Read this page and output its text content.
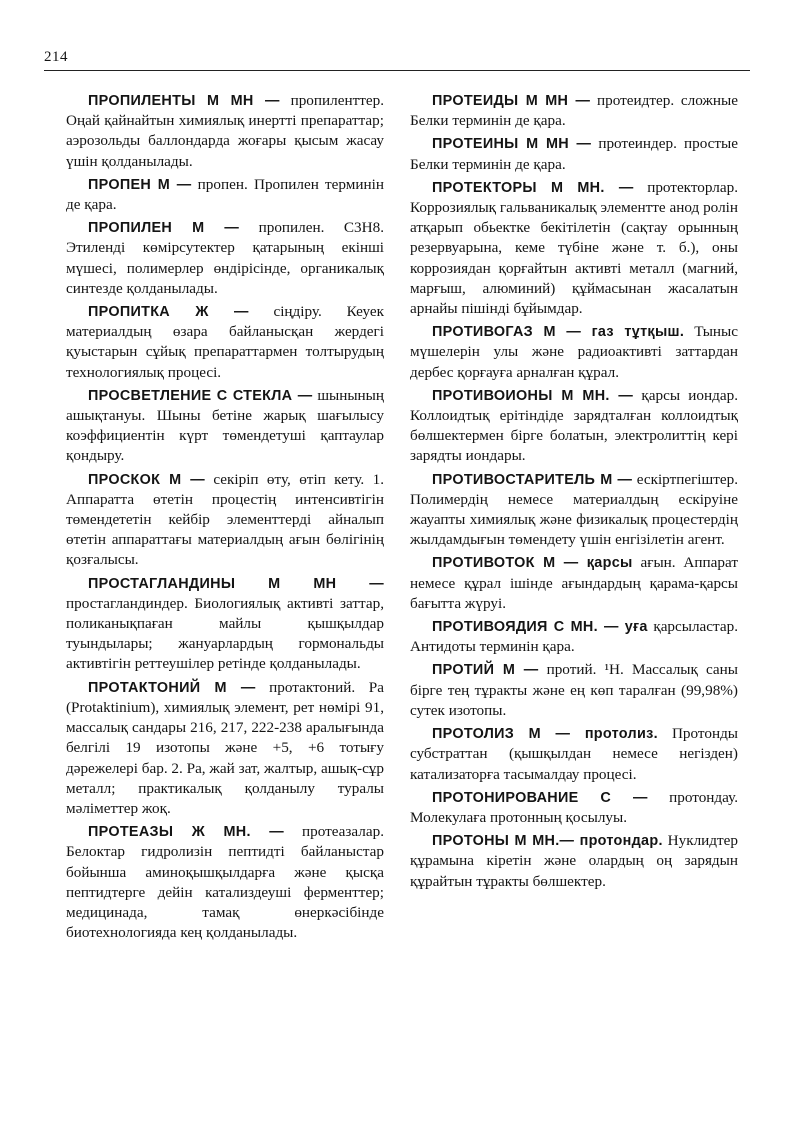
214

ПРОПИЛЕНТЫ М МН — пропиленттер. Оңай қайнайтын химиялық инертті препараттар; аэрозольды баллондарда жоғары қысым жасау үшін қолданылады.

ПРОПЕН М — пропен. Пропилен терминін де қара.

ПРОПИЛЕН М — пропилен. C3H8. Этилендi көмірсутектер қатарының екінші мүшесі, полимерлер өндірісінде, органикалық синтезде қолданылады.

ПРОПИТКА Ж — сіңдіру. Кеуек материалдың өзара байланысқан жердегі қуыстарын сұйық препараттармен толтырудың технологиялық процесі.

ПРОСВЕТЛЕНИЕ С СТЕКЛА — шынының ашықтануы. Шыны бетіне жарық шағылысу коэффициентін күрт төмендетуші қаптаулар қондыру.

ПРОСКОК М — секіріп өту, өтіп кету. 1. Аппаратта өтетін процестің интенсивтігін төмендететін кейбір элементтерді айналып өтетін аппараттағы материалдың ағын бөлігінің қозғалысы.

ПРОСТАГЛАНДИНЫ М МН — простагландиндер. Биологиялық активті заттар, поликанықпаған майлы қышқылдар туындылары; жануарлардың гормональды активтігін реттеушілер ретінде қолданылады.

ПРОТАКТОНИЙ М — протактоний. Ра (Protaktinium), химиялық элемент, рет нөмірі 91, массалық сандары 216, 217, 222-238 аралығында белгілі 19 изотопы және +5, +6 тотығу дәрежелері бар. 2. Ра, жай зат, жалтыр, ашық-сұр металл; практикалық қолданылу туралы мәліметтер жоқ.

ПРОТЕАЗЫ Ж МН. — протеазалар. Белоктар гидролизін пептидті байланыстар бойынша аминоқышқылдарға және қысқа пептидтерге дейін катализдеуші ферменттер; медицинада, тамақ өнеркәсібінде биотехнологияда кең қолданылады.

ПРОТЕИДЫ М МН — протеидтер. сложные Белки терминін де қара.

ПРОТЕИНЫ М МН — протеиндер. простые Белки терминін де қара.

ПРОТЕКТОРЫ М МН. — протекторлар. Коррозиялық гальваникалық элементте анод ролін атқарып обьектке бекітілетін (сақтау орынның резервуарына, кеме түбіне және т. б.), оны коррозиядан қорғайтын активті металл (магний, марғыш, алюминий) құймасынан жасалатын арнайы пішінді бұйымдар.

ПРОТИВОГАЗ М — газ тұтқыш. Тыныс мүшелерін улы және радиоактивті заттардан дербес қорғауға арналған құрал.

ПРОТИВОИОНЫ М МН. — қарсы иондар. Коллоидтық ерітіндіде зарядталған коллоидтық бөлшектермен бірге болатын, электролиттің кері зарядты иондары.

ПРОТИВОСТАРИТЕЛЬ М — ескіртпегіштер. Полимердің немесе материалдың ескіруіне жауапты химиялық және физикалық процестердің жылдамдығын төмендету үшін енгізілетін агент.

ПРОТИВОТОК М — қарсы ағын. Аппарат немесе құрал ішінде ағындардың қарама-қарсы бағытта жүруі.

ПРОТИВОЯДИЯ С МН. — уға қарсыластар. Антидоты терминін қара.

ПРОТИЙ М — протий. ¹Н. Массалық саны бірге тең тұракты және ең көп таралған (99,98%) сутек изотопы.

ПРОТОЛИЗ М — протолиз. Протонды субстраттан (қышқылдан немесе негізден) катализаторға тасымалдау процесі.

ПРОТОНИРОВАНИЕ С — протондау. Молекулаға протонның қосылуы.

ПРОТОНЫ М МН.— протондар. Нуклидтер құрамына кіретін және олардың оң зарядын құрайтын тұракты бөлшектер.
